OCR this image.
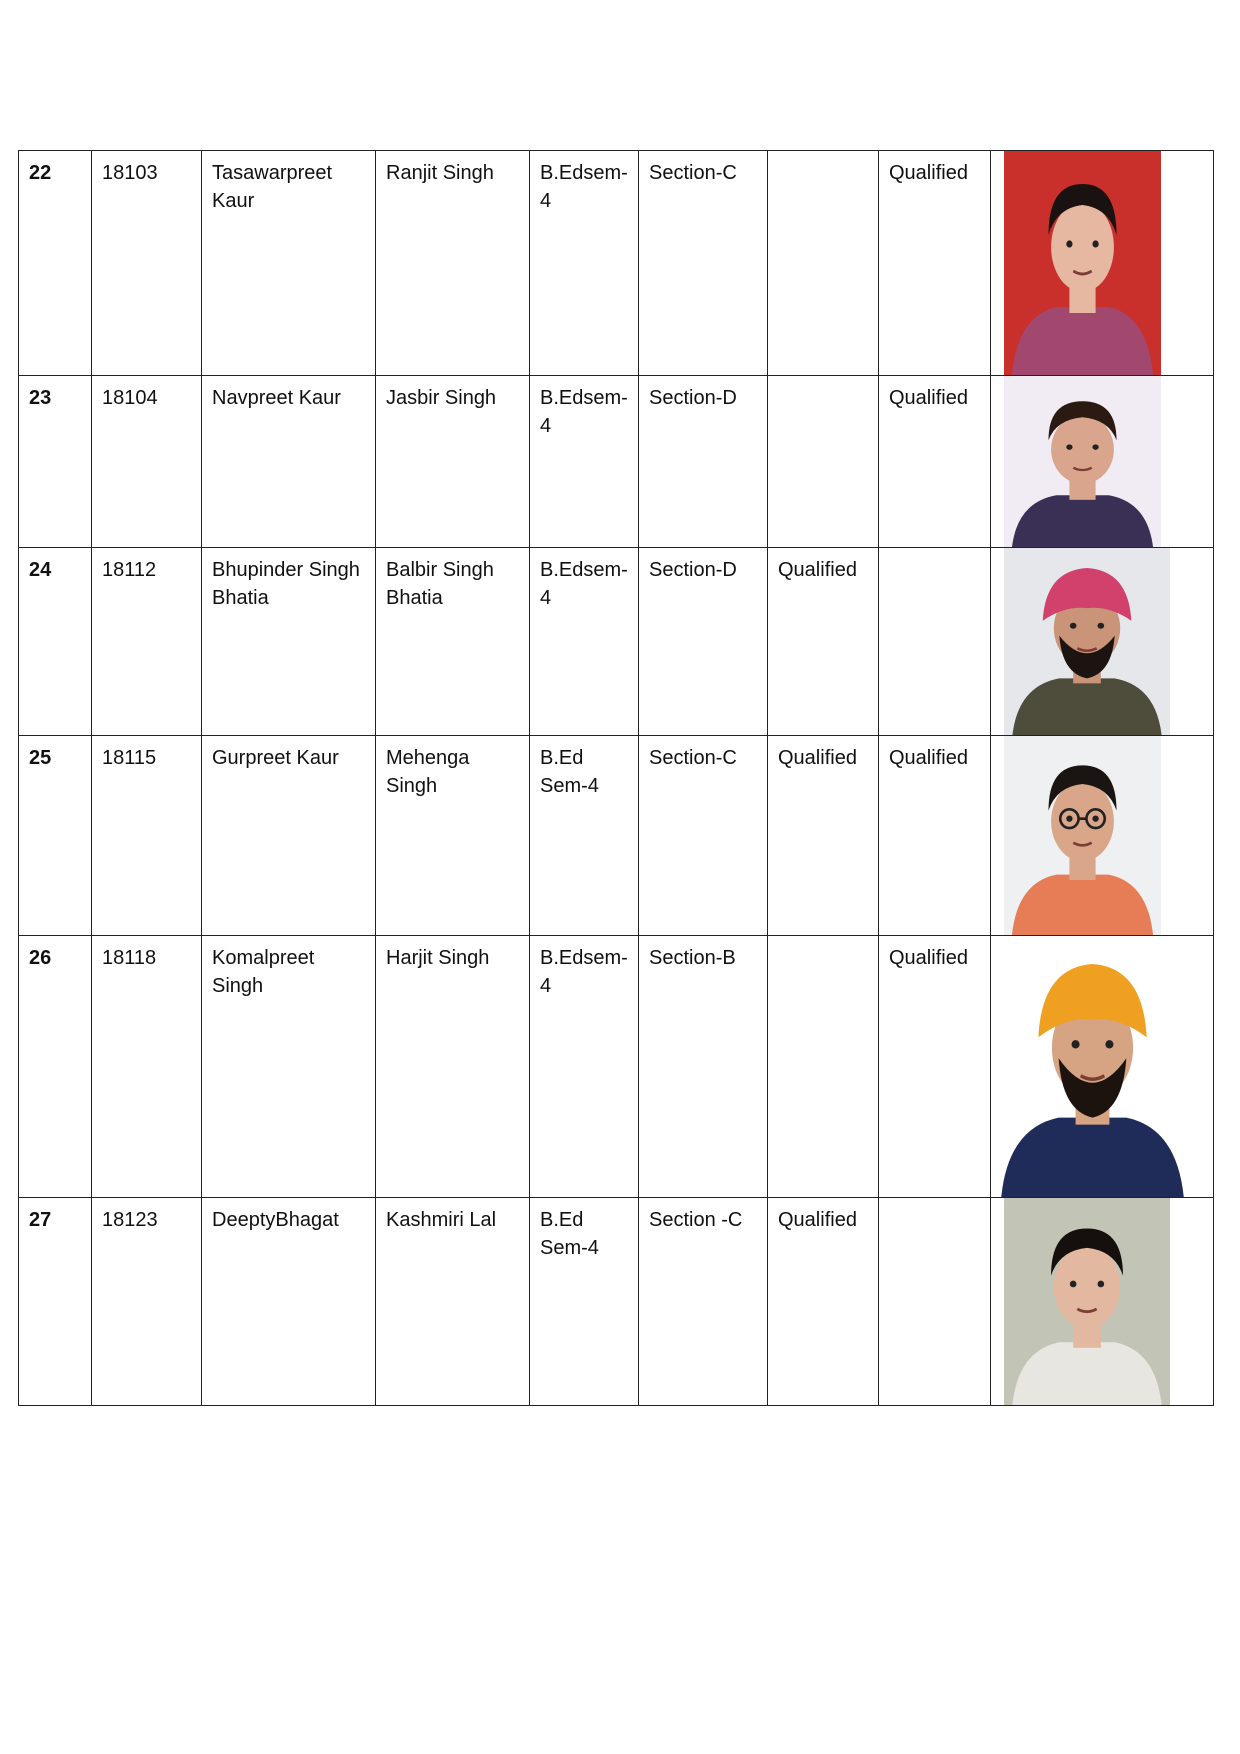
22	18103	Tasawarpreet Kaur	Ranjit Singh	B.Edsem-
4	Section-C		Qualified	

23	18104	Navpreet Kaur	Jasbir Singh	B.Edsem-
4	Section-D		Qualified	

24	18112	Bhupinder Singh Bhatia	Balbir Singh Bhatia	B.Edsem-
4	Section-D	Qualified		

25	18115	Gurpreet Kaur	Mehenga Singh	B.Ed
Sem-4	Section-C	Qualified	Qualified	

26	18118	Komalpreet Singh	Harjit Singh	B.Edsem-
4	Section-B		Qualified	

27	18123	DeeptyBhagat	Kashmiri Lal	B.Ed
Sem-4	Section -C	Qualified		
